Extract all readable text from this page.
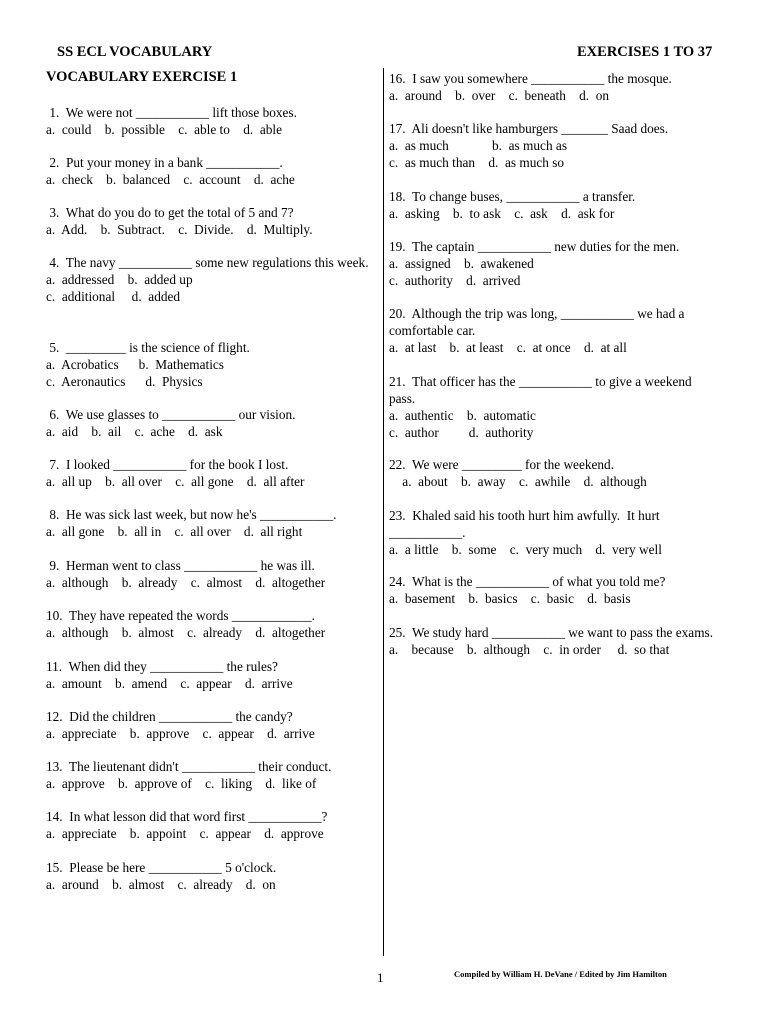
SS ECL VOCABULARY	EXERCISES 1 TO 37
VOCABULARY EXERCISE 1
1.  We were not ___________ lift those boxes.
a.  could    b.  possible    c.  able to    d.  able
2.  Put your money in a bank ___________.
a.  check    b.  balanced    c.  account    d.  ache
3.  What do you do to get the total of 5 and 7?
a.  Add.    b.  Subtract.    c.  Divide.    d.  Multiply.
4.  The navy ___________ some new regulations this week.
a.  addressed    b.  added up
c.  additional     d.  added
5.  _________ is the science of flight.
a.  Acrobatics      b.  Mathematics
c.  Aeronautics      d.  Physics
6.  We use glasses to ___________ our vision.
a.  aid    b.  ail    c.  ache    d.  ask
7.  I looked ___________ for the book I lost.
a.  all up    b.  all over    c.  all gone    d.  all after
8.  He was sick last week, but now he's ___________.
a.  all gone    b.  all in    c.  all over    d.  all right
9.  Herman went to class ___________ he was ill.
a.  although    b.  already    c.  almost    d.  altogether
10.  They have repeated the words ____________.
a.  although    b.  almost    c.  already    d.  altogether
11.  When did they ___________ the rules?
a.  amount    b.  amend    c.  appear    d.  arrive
12.  Did the children ___________ the candy?
a.  appreciate    b.  approve    c.  appear    d.  arrive
13.  The lieutenant didn't ___________ their conduct.
a.  approve    b.  approve of    c.  liking    d.  like of
14.  In what lesson did that word first ___________?
a.  appreciate    b.  appoint    c.  appear    d.  approve
15.  Please be here ___________ 5 o'clock.
a.  around    b.  almost    c.  already    d.  on
16.  I saw you somewhere ___________ the mosque.
a.  around    b.  over    c.  beneath    d.  on
17.  Ali doesn't like hamburgers _______ Saad does.
a.  as much             b.  as much as
c.  as much than    d.  as much so
18.  To change buses, ___________ a transfer.
a.  asking    b.  to ask    c.  ask    d.  ask for
19.  The captain ___________ new duties for the men.
a.  assigned    b.  awakened
c.  authority    d.  arrived
20.  Although the trip was long, ___________ we had a comfortable car.
a.  at last    b.  at least    c.  at once    d.  at all
21.  That officer has the ___________ to give a weekend pass.
a.  authentic    b.  automatic
c.  author         d.  authority
22.  We were _________ for the weekend.
a.  about    b.  away    c.  awhile    d.  although
23.  Khaled said his tooth hurt him awfully.  It hurt ___________.
a.  a little    b.  some    c.  very much    d.  very well
24.  What is the ___________ of what you told me?
a.  basement    b.  basics    c.  basic    d.  basis
25.  We study hard ___________ we want to pass the exams.
a.    because    b.  although    c.  in order     d.  so that
1	Compiled by William H. DeVane / Edited by Jim Hamilton
